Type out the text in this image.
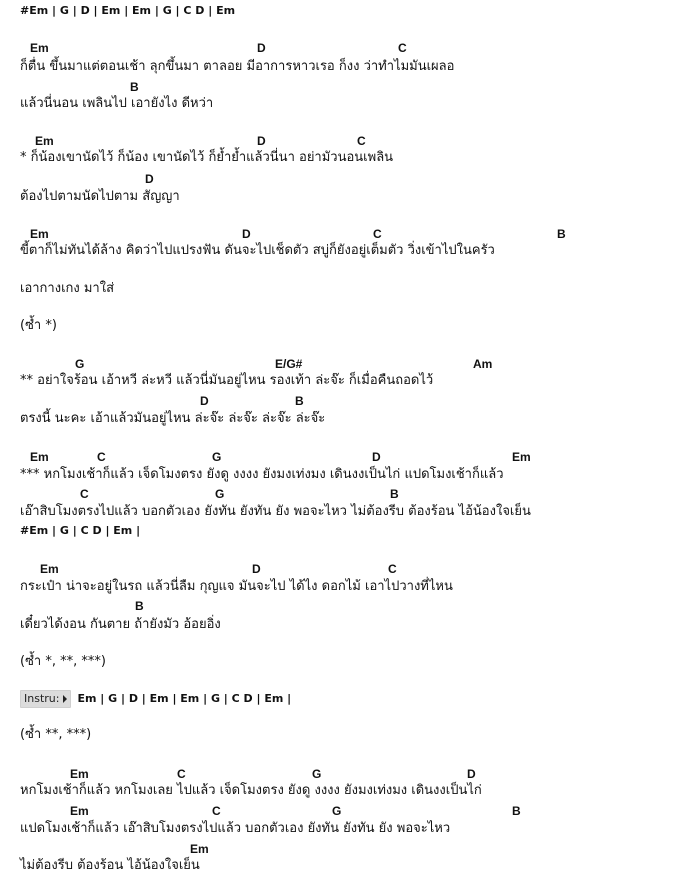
#Em | G | D | Em | Em | G | C D | Em
#Em | G | C D | Em |
Instru: Em | G | D | Em | Em | G | C D | Em |
Em	D	C
ก็ตื่น ขึ้นมาแต่ตอนเช้า ลุกขึ้นมา ตาลอย มีอาการหาวเรอ ก็งง ว่าทำไมมันเผลอ
B
แล้วนี่นอน เพลินไป เอายังไง ดีหว่า
Em	D	C
* ก็น้องเขานัดไว้ ก็น้อง เขานัดไว้ ก็ย้ำย้ำแล้วนี่นา อย่ามัวนอนเพลิน
D
ต้องไปตามนัดไปตาม สัญญา
Em	D	C	B
ขี้ตาก็ไม่ทันได้ล้าง คิดว่าไปแปรงฟัน ดันจะไปเช็ดตัว สบู่ก็ยังอยู่เต็มตัว วิ่งเข้าไปในครัว
เอากางเกง มาใส่
(ซ้ำ *)
G	E/G#	Am
** อย่าใจร้อน เอ้าหวี ล่ะหวี แล้วนี่มันอยู่ไหน รองเท้า ล่ะจ๊ะ ก็เมื่อคืนถอดไว้
D	B
ตรงนี้ นะคะ เอ้าแล้วมันอยู่ไหน ล่ะจ๊ะ ล่ะจ๊ะ ล่ะจ๊ะ ล่ะจ๊ะ
Em	C	G	D	Em
*** หกโมงเช้าก็แล้ว เจ็ดโมงตรง ยังดู งงงง ยังมงเท่งมง เดินงงเป็นไก่ แปดโมงเช้าก็แล้ว
C	G	B
เอ๊าสิบโมงตรงไปแล้ว บอกตัวเอง ยังทัน ยังทัน ยัง พอจะไหว ไม่ต้องรีบ ต้องร้อน ไอ้น้องใจเย็น
Em	D	C
กระเป๋า น่าจะอยู่ในรถ แล้วนี่ลืม กุญแจ มันจะไป ได้ไง ดอกไม้ เอาไปวางที่ไหน
B
เดี๋ยวได้งอน กันตาย ถ้ายังมัว อ้อยอิ่ง
(ซ้ำ *, **, ***)
(ซ้ำ **, ***)
Em	C	G	D
หกโมงเช้าก็แล้ว หกโมงเลย ไปแล้ว เจ็ดโมงตรง ยังดู งงงง ยังมงเท่งมง เดินงงเป็นไก่
Em	C	G	B
แปดโมงเช้าก็แล้ว เอ๊าสิบโมงตรงไปแล้ว บอกตัวเอง ยังทัน ยังทัน ยัง พอจะไหว
Em
ไม่ต้องรีบ ต้องร้อน ไอ้น้องใจเย็น
